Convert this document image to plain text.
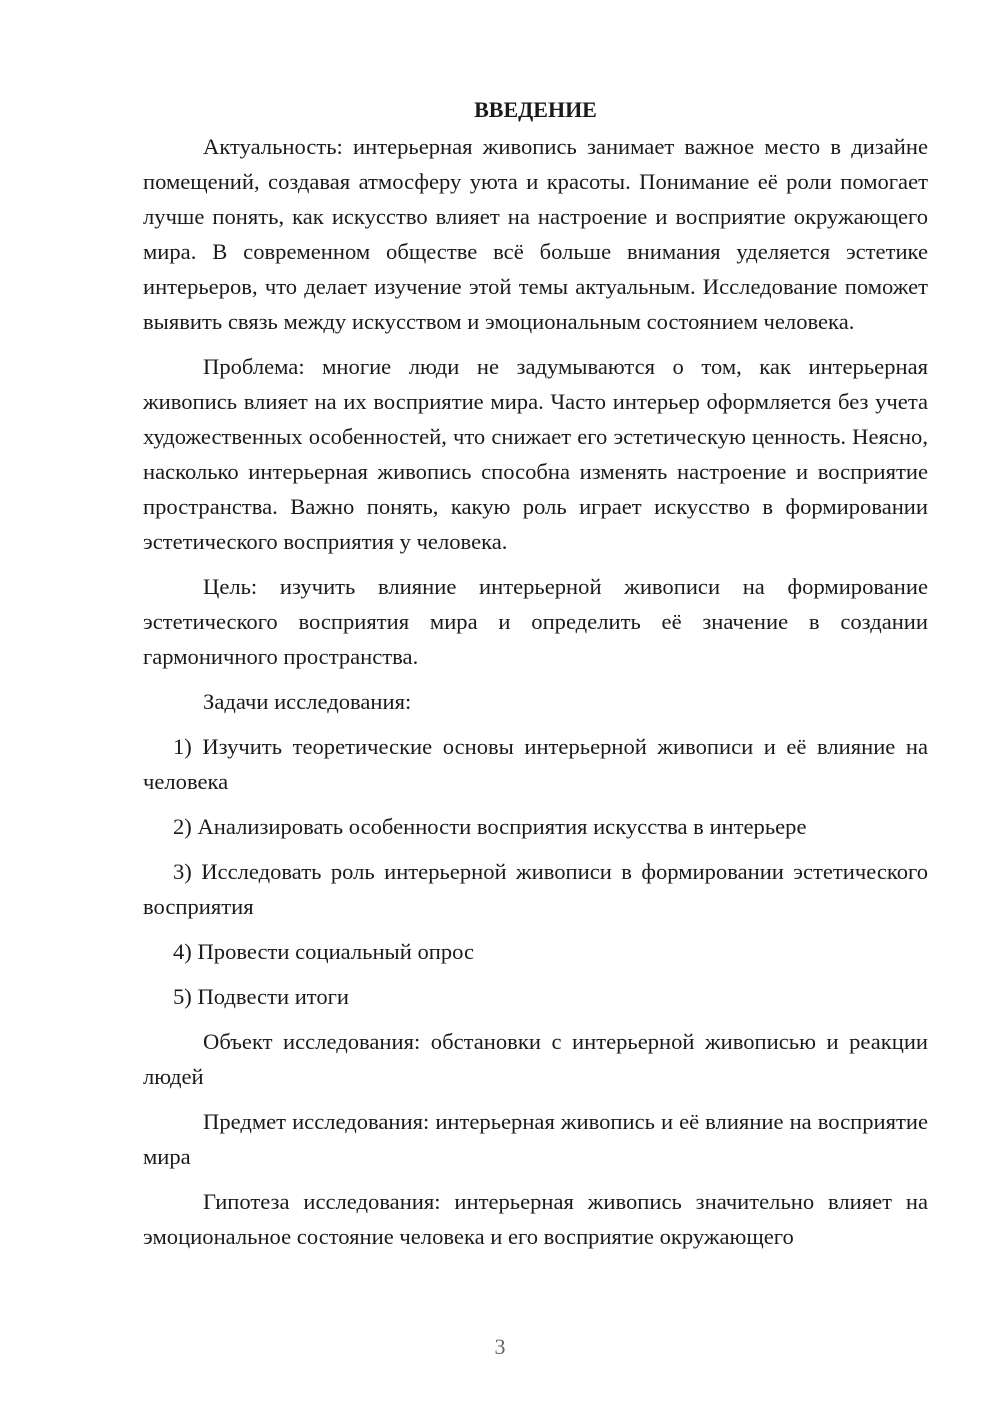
ВВЕДЕНИЕ

Актуальность: интерьерная живопись занимает важное место в дизайне помещений, создавая атмосферу уюта и красоты. Понимание её роли помогает лучше понять, как искусство влияет на настроение и восприятие окружающего мира. В современном обществе всё больше внимания уделяется эстетике интерьеров, что делает изучение этой темы актуальным. Исследование поможет выявить связь между искусством и эмоциональным состоянием человека.

Проблема: многие люди не задумываются о том, как интерьерная живопись влияет на их восприятие мира. Часто интерьер оформляется без учета художественных особенностей, что снижает его эстетическую ценность. Неясно, насколько интерьерная живопись способна изменять настроение и восприятие пространства. Важно понять, какую роль играет искусство в формировании эстетического восприятия у человека.

Цель: изучить влияние интерьерной живописи на формирование эстетического восприятия мира и определить её значение в создании гармоничного пространства.

Задачи исследования:

1) Изучить теоретические основы интерьерной живописи и её влияние на человека

2) Анализировать особенности восприятия искусства в интерьере

3) Исследовать роль интерьерной живописи в формировании эстетического восприятия

4) Провести социальный опрос

5) Подвести итоги

Объект исследования: обстановки с интерьерной живописью и реакции людей

Предмет исследования: интерьерная живопись и её влияние на восприятие мира

Гипотеза исследования: интерьерная живопись значительно влияет на эмоциональное состояние человека и его восприятие окружающего

3
